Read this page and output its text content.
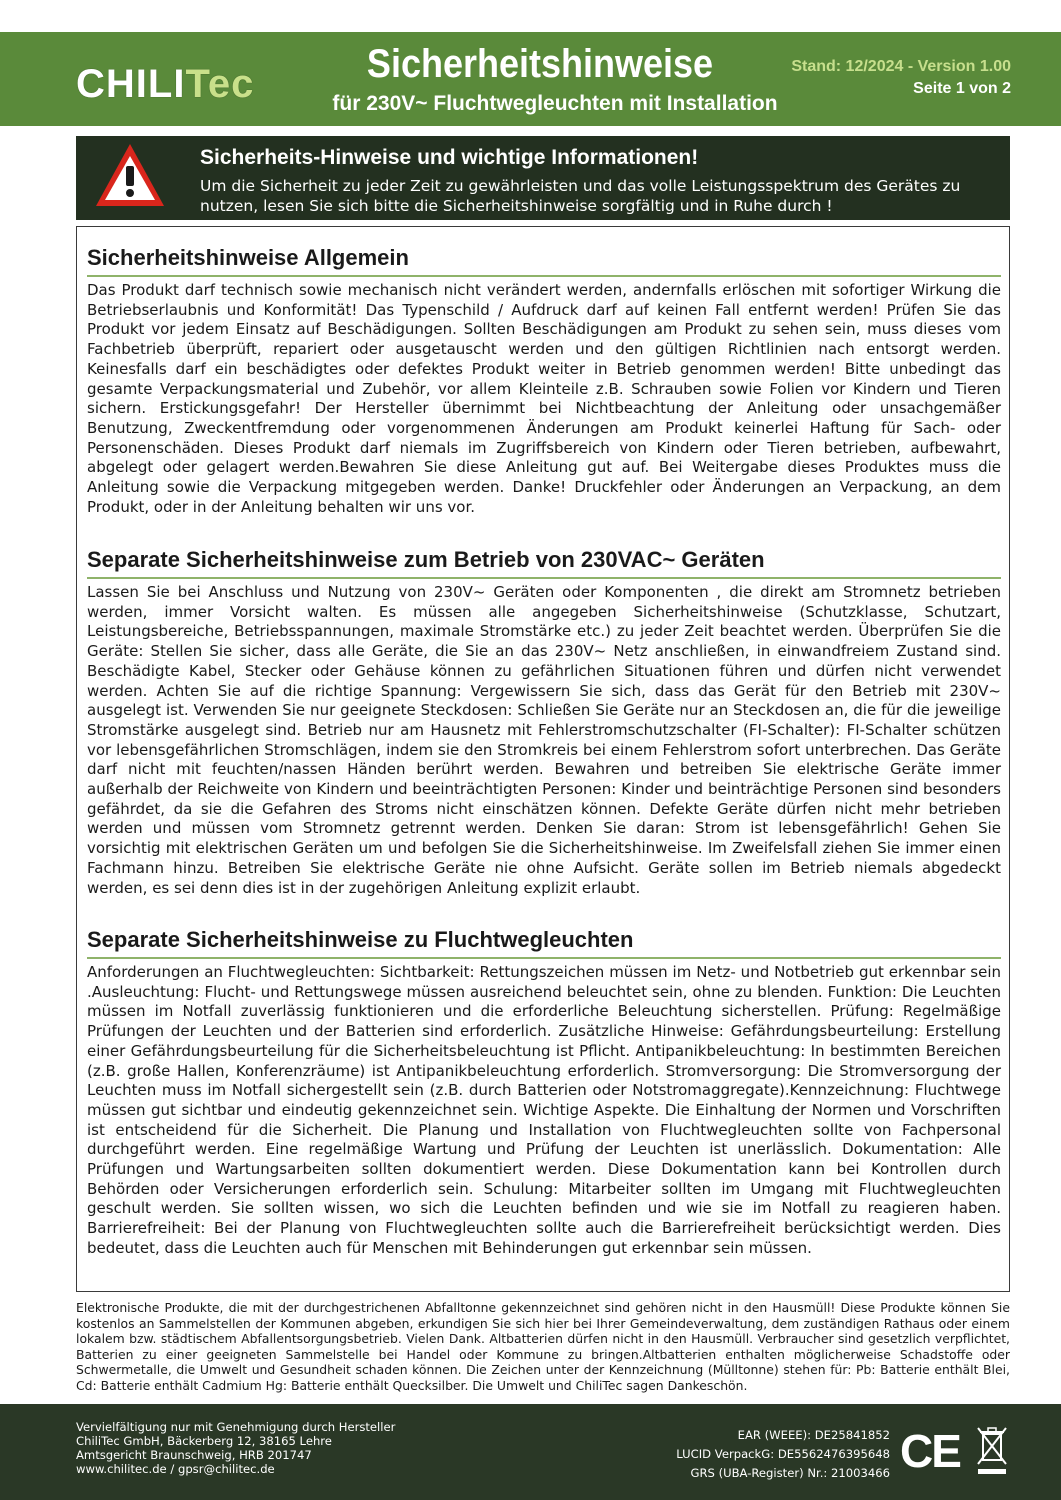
CHILITec	Sicherheitshinweise
für 230V~ Fluchtwegleuchten mit Installation
Stand: 12/2024 - Version 1.00
Seite 1 von 2
Sicherheits-Hinweise und wichtige Informationen!
Um die Sicherheit zu jeder Zeit zu gewährleisten und das volle Leistungsspektrum des Gerätes zu nutzen, lesen Sie sich bitte die Sicherheitshinweise sorgfältig und in Ruhe durch !
Sicherheitshinweise Allgemein

Das Produkt darf technisch sowie mechanisch nicht verändert werden, andernfalls erlöschen mit sofortiger Wirkung die Betriebserlaubnis und Konformität! Das Typenschild / Aufdruck darf auf keinen Fall entfernt werden! Prüfen Sie das Produkt vor jedem Einsatz auf Beschädigungen. Sollten Beschädigungen am Produkt zu sehen sein, muss dieses vom Fachbetrieb überprüft, repariert oder ausgetauscht werden und den gültigen Richtlinien nach entsorgt werden. Keinesfalls darf ein beschädigtes oder defektes Produkt weiter in Betrieb genommen werden! Bitte unbedingt das gesamte Verpackungsmaterial und Zubehör, vor allem Kleinteile z.B. Schrauben sowie Folien vor Kindern und Tieren sichern. Erstickungsgefahr! Der Hersteller übernimmt bei Nichtbeachtung der Anleitung oder unsachgemäßer Benutzung, Zweckentfremdung oder vorgenommenen Änderungen am Produkt keinerlei Haftung für Sach- oder Personenschäden. Dieses Produkt darf niemals im Zugriffsbereich von Kindern oder Tieren betrieben, aufbewahrt, abgelegt oder gelagert werden.Bewahren Sie diese Anleitung gut auf. Bei Weitergabe dieses Produktes muss die Anleitung sowie die Verpackung mitgegeben werden. Danke! Druckfehler oder Änderungen an Verpackung, an dem Produkt, oder in der Anleitung behalten wir uns vor.

Separate Sicherheitshinweise zum Betrieb von 230VAC~ Geräten

Lassen Sie bei Anschluss und Nutzung von 230V~ Geräten oder Komponenten , die direkt am Stromnetz betrieben werden, immer Vorsicht walten. Es müssen alle angegeben Sicherheitshinweise (Schutzklasse, Schutzart, Leistungsbereiche, Betriebsspannungen, maximale Stromstärke etc.) zu jeder Zeit beachtet werden. Überprüfen Sie die Geräte: Stellen Sie sicher, dass alle Geräte, die Sie an das 230V~ Netz anschließen, in einwandfreiem Zustand sind. Beschädigte Kabel, Stecker oder Gehäuse können zu gefährlichen Situationen führen und dürfen nicht verwendet werden. Achten Sie auf die richtige Spannung: Vergewissern Sie sich, dass das Gerät für den Betrieb mit 230V~ ausgelegt ist. Verwenden Sie nur geeignete Steckdosen: Schließen Sie Geräte nur an Steckdosen an, die für die jeweilige Stromstärke ausgelegt sind. Betrieb nur am Hausnetz mit Fehlerstromschutzschalter (FI-Schalter): FI-Schalter schützen vor lebensgefährlichen Stromschlägen, indem sie den Stromkreis bei einem Fehlerstrom sofort unterbrechen. Das Geräte darf nicht mit feuchten/nassen Händen berührt werden. Bewahren und betreiben Sie elektrische Geräte immer außerhalb der Reichweite von Kindern und beeinträchtigten Personen: Kinder und beinträchtige Personen sind besonders gefährdet, da sie die Gefahren des Stroms nicht einschätzen können. Defekte Geräte dürfen nicht mehr betrieben werden und müssen vom Stromnetz getrennt werden. Denken Sie daran: Strom ist lebensgefährlich! Gehen Sie vorsichtig mit elektrischen Geräten um und befolgen Sie die Sicherheitshinweise. Im Zweifelsfall ziehen Sie immer einen Fachmann hinzu. Betreiben Sie elektrische Geräte nie ohne Aufsicht. Geräte sollen im Betrieb niemals abgedeckt werden, es sei denn dies ist in der zugehörigen Anleitung explizit erlaubt.

Separate Sicherheitshinweise zu Fluchtwegleuchten

Anforderungen an Fluchtwegleuchten: Sichtbarkeit: Rettungszeichen müssen im Netz- und Notbetrieb gut erkennbar sein .Ausleuchtung: Flucht- und Rettungswege müssen ausreichend beleuchtet sein, ohne zu blenden. Funktion: Die Leuchten müssen im Notfall zuverlässig funktionieren und die erforderliche Beleuchtung sicherstellen. Prüfung: Regelmäßige Prüfungen der Leuchten und der Batterien sind erforderlich. Zusätzliche Hinweise: Gefährdungsbeurteilung: Erstellung einer Gefährdungsbeurteilung für die Sicherheitsbeleuchtung ist Pflicht. Antipanikbeleuchtung: In bestimmten Bereichen (z.B. große Hallen, Konferenzräume) ist Antipanikbeleuchtung erforderlich. Stromversorgung: Die Stromversorgung der Leuchten muss im Notfall sichergestellt sein (z.B. durch Batterien oder Notstromaggregate).Kennzeichnung: Fluchtwege müssen gut sichtbar und eindeutig gekennzeichnet sein. Wichtige Aspekte. Die Einhaltung der Normen und Vorschriften ist entscheidend für die Sicherheit. Die Planung und Installation von Fluchtwegleuchten sollte von Fachpersonal durchgeführt werden. Eine regelmäßige Wartung und Prüfung der Leuchten ist unerlässlich. Dokumentation: Alle Prüfungen und Wartungsarbeiten sollten dokumentiert werden. Diese Dokumentation kann bei Kontrollen durch Behörden oder Versicherungen erforderlich sein. Schulung: Mitarbeiter sollten im Umgang mit Fluchtwegleuchten geschult werden. Sie sollten wissen, wo sich die Leuchten befinden und wie sie im Notfall zu reagieren haben. Barrierefreiheit: Bei der Planung von Fluchtwegleuchten sollte auch die Barrierefreiheit berücksichtigt werden. Dies bedeutet, dass die Leuchten auch für Menschen mit Behinderungen gut erkennbar sein müssen.

Elektronische Produkte, die mit der durchgestrichenen Abfalltonne gekennzeichnet sind gehören nicht in den Hausmüll! Diese Produkte können Sie kostenlos an Sammelstellen der Kommunen abgeben, erkundigen Sie sich hier bei Ihrer Gemeindeverwaltung, dem zuständigen Rathaus oder einem lokalem bzw. städtischem Abfallentsorgungsbetrieb. Vielen Dank. Altbatterien dürfen nicht in den Hausmüll. Verbraucher sind gesetzlich verpflichtet, Batterien zu einer geeigneten Sammelstelle bei Handel oder Kommune zu bringen.Altbatterien enthalten möglicherweise Schadstoffe oder Schwermetalle, die Umwelt und Gesundheit schaden können. Die Zeichen unter der Kennzeichnung (Mülltonne) stehen für: Pb: Batterie enthält Blei, Cd: Batterie enthält Cadmium Hg: Batterie enthält Quecksilber. Die Umwelt und ChiliTec sagen Dankeschön.
Vervielfältigung nur mit Genehmigung durch Hersteller
ChiliTec GmbH, Bäckerberg 12, 38165 Lehre
Amtsgericht Braunschweig, HRB 201747
www.chilitec.de / gpsr@chilitec.de
EAR (WEEE): DE25841852
LUCID VerpackG: DE5562476395648
GRS (UBA-Register) Nr.: 21003466 CE
